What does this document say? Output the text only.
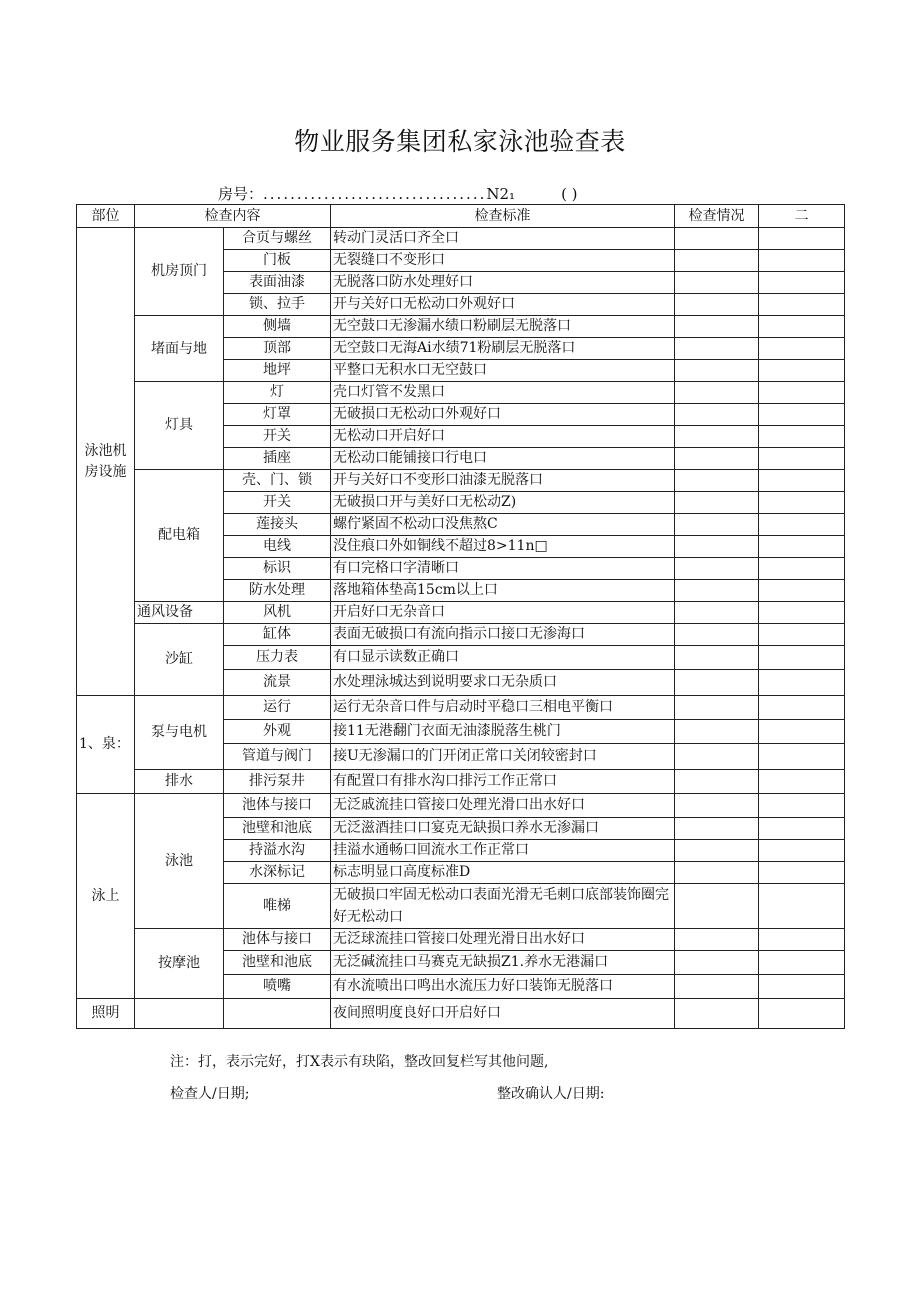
物业服务集团私家泳池验查表
房号：.................................N2₁	( )
部位	检查内容		检查标准	检查情况	二
泳池机房设施	机房顶门	合页与螺丝	转动门灵活口齐全口		
		门板	无裂缝口不变形口		
		表面油漆	无脱落口防水处理好口		
		锁、拉手	开与关好口无松动口外观好口		
	堵面与地	侧墙	无空鼓口无渗漏水绩口粉刷层无脱落口		
		顶部	无空鼓口无海Ai水绩71粉刷层无脱落口		
		地坪	平整口无积水口无空鼓口		
	灯具	灯	壳口灯管不发黑口		
		灯罩	无破损口无松动口外观好口		
		开关	无松动口开启好口		
		插座	无松动口能铺接口行电口		
	配电箱	壳、门、锁	开与关好口不变形口油漆无脱落口		
		开关	无破损口开与美好口无松动Z)		
		莲接头	螺佇紧固不松动口没焦熬C		
		电线	没住痕口外如铜线不超过8>11n□		
		标识	有口完格口字清晰口		
		防水处理	落地箱体垫高15cm以上口		
	通风设备	风机	开启好口无杂音口		
	沙缸	缸体	表面无破损口有流向指示口接口无渗海口		
		压力表	有口显示读数正确口		
		流景	水处理泳城达到说明要求口无杂质口		
1、泉：	泵与电机	运行	运行无杂音口件与启动时平稳口三相电平衡口		
		外观	接11无港翻门衣面无油漆脱落生桃门		
		管道与阀门	接U无渗漏口的门开闭正常口关闭较密封口		
	排水	排污泵井	有配置口有排水沟口排污工作正常口		
泳上	泳池	池体与接口	无泛戚流挂口管接口处理光滑口出水好口		
		池壁和池底	无泛滋酒挂口口宴克无缺损口养水无渗漏口		
		持溢水沟	挂溢水通畅口回流水工作正常口		
		水深标记	标志明显口高度标准D		
		唯梯	无破损口牢固无松动口表面光滑无毛刺口底部装饰圈完好无松动口		
	按摩池	池体与接口	无泛球流挂口管接口处理光滑日出水好口		
		池壁和池底	无泛碱流挂口马赛克无缺损Z1.养水无港漏口		
		喷嘴	有水流喷出口鸣出水流压力好口装饰无脱落口		
照明			夜间照明度良好口开启好口		
注：打，表示完好，打X表示有玦陷，整改回复栏写其他问题,
检查人/日期;	整改确认人/日期:
